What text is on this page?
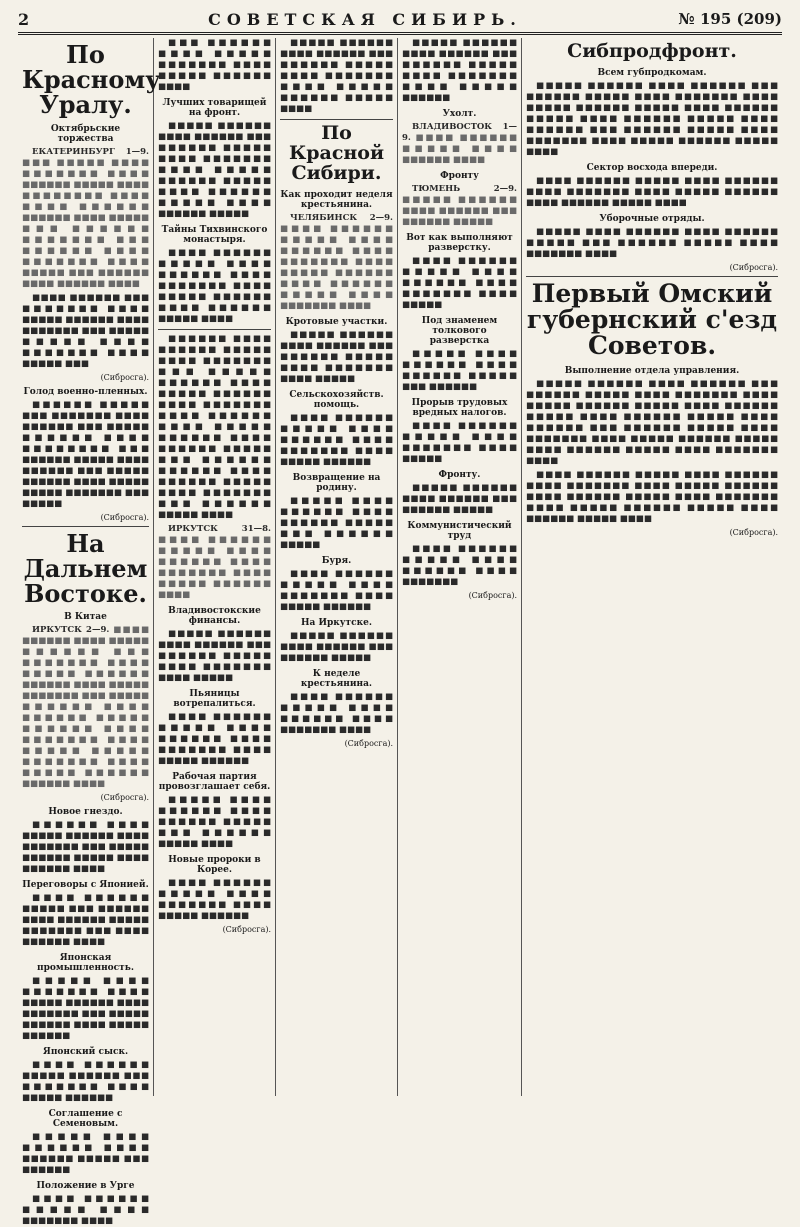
2	СОВЕТСКАЯ СИБИРЬ.	№ 195 (209)
По Красному Уралу.
Октябрьские торжества

ЕКАТЕРИНБУРГ 1—9. ■■■ ■■■■■ ■■■■ ■■■■■■■ ■■■■ ■■■■■■ ■■■■■ ■■■■ ■■■■■■■■ ■■■■ ■■■■ ■■■■■■ ■■■■■■ ■■■■ ■■■■■ ■■■ ■■■■■■ ■■■■■■■ ■■■ ■■■■■■ ■■■■ ■■■■■■■ ■■■■ ■■■■■ ■■■ ■■■■■■ ■■■■ ■■■■■■ ■■■■

■■■■ ■■■■■■ ■■■ ■■■■■■■ ■■■■ ■■■■■ ■■■■■■ ■■■■ ■■■■■■■ ■■■ ■■■■■ ■■■■■ ■■■■ ■■■■■■■ ■■■■ ■■■■■ ■■■

(Сибросга).

Голод военно-пленных.

■■■■■■ ■■■■■ ■■■ ■■■■■■■ ■■■■ ■■■■■■ ■■■ ■■■■■ ■■■■■■ ■■■■ ■■■■■■■■ ■■■ ■■■■■■ ■■■■■ ■■■■ ■■■■■■ ■■■ ■■■■■ ■■■■■■ ■■■■ ■■■■■ ■■■■■ ■■■■■■■ ■■■ ■■■■■

(Сибросга).

На Дальнем Востоке.
В Китае

ИРКУТСК 2—9. ■■■■ ■■■■■■ ■■■■ ■■■■■ ■■■■■■ ■■■ ■■■■■■■ ■■■■ ■■■■■ ■■■■■■ ■■■■■■ ■■■■ ■■■■■ ■■■■■■■ ■■■ ■■■■■ ■■■■■■ ■■■■ ■■■■■■ ■■■■■ ■■■■■■ ■■■■ ■■■■■■■ ■■■■ ■■■■■ ■■■■■ ■■■■■■■ ■■■■ ■■■■■ ■■■■■■ ■■■■■■ ■■■■

(Сибросга).

Новое гнездо.

■■■■■■ ■■■■ ■■■■■ ■■■■■■ ■■■■ ■■■■■■■ ■■■ ■■■■■ ■■■■■■ ■■■■■ ■■■■ ■■■■■■ ■■■■

Переговоры с Японией.

■■■■ ■■■■■■ ■■■■■ ■■■ ■■■■■■ ■■■■ ■■■■■■ ■■■■■ ■■■■■■■ ■■■ ■■■■ ■■■■■■ ■■■■

Японская промышленность.

■■■■■ ■■■■ ■■■■■■■ ■■■■ ■■■■■ ■■■■■■ ■■■■ ■■■■■■■ ■■■ ■■■■■ ■■■■■■ ■■■■ ■■■■■ ■■■■■■

Японский сыск.

■■■■ ■■■■■■ ■■■■■ ■■■■■■ ■■■ ■■■■■■■ ■■■■ ■■■■■ ■■■■■■

Соглашение с Семеновым.

■■■■■ ■■■■ ■■■■■■ ■■■■ ■■■■■■ ■■■■■ ■■■ ■■■■■■

Положение в Урге

■■■■ ■■■■■■ ■■■■■ ■■■■ ■■■■■■■ ■■■■

■■■ ■■■■■■ ■■■■ ■■■■■ ■■■■■■■ ■■■■ ■■■■■ ■■■■■■ ■■■■

Лучших товарищей на фронт.

■■■■■ ■■■■■■ ■■■■ ■■■■■■ ■■■ ■■■■■■ ■■■■■ ■■■■ ■■■■■■■ ■■■■ ■■■■■ ■■■■■■ ■■■■■ ■■■■ ■■■■■■ ■■■■■ ■■■■ ■■■■■■ ■■■■■

Тайны Тихвинского монастыря.

■■■■ ■■■■■■ ■■■■■ ■■■■ ■■■■■■ ■■■■ ■■■■■■■ ■■■■ ■■■■■ ■■■■■■ ■■■■ ■■■■■■ ■■■■■ ■■■■

■■■■■■ ■■■■ ■■■■■■ ■■■■■ ■■■■ ■■■■■■■ ■■■ ■■■■■ ■■■■■■ ■■■■ ■■■■■ ■■■■■■ ■■■■ ■■■■■■■ ■■■■ ■■■■■■ ■■■■ ■■■■■ ■■■■■■ ■■■■ ■■■■■■ ■■■■■ ■■■ ■■■■■■ ■■■■■■ ■■■■ ■■■■■■ ■■■■■ ■■■■ ■■■■■■■ ■■■ ■■■■■■ ■■■■■ ■■■■

ИРКУТСК 31—8. ■■■■ ■■■■■■ ■■■■■ ■■■■ ■■■■■■ ■■■■ ■■■■■■■ ■■■■ ■■■■■ ■■■■■■ ■■■■

Владивостокские финансы.

■■■■■ ■■■■■■ ■■■■ ■■■■■■ ■■■ ■■■■■■ ■■■■■ ■■■■ ■■■■■■■ ■■■■ ■■■■■

Пьяницы вотрепалиться.

■■■■ ■■■■■■ ■■■■■ ■■■■ ■■■■■■ ■■■■ ■■■■■■■ ■■■■ ■■■■■ ■■■■■■

Рабочая партия провозглашает себя.

■■■■■ ■■■■ ■■■■■■ ■■■■ ■■■■■■ ■■■■■ ■■■ ■■■■■■ ■■■■■ ■■■■

Новые пророки в Корее.

■■■■ ■■■■■■ ■■■■■ ■■■■ ■■■■■■■ ■■■■ ■■■■■ ■■■■■■

(Сибросга).

■■■■■ ■■■■■■ ■■■■ ■■■■■■ ■■■ ■■■■■■ ■■■■■ ■■■■ ■■■■■■■ ■■■■ ■■■■■ ■■■■■■ ■■■■■ ■■■■

По Красной Сибири.
Как проходит неделя крестьянина.

ЧЕЛЯБИНСК 2—9. ■■■■ ■■■■■■ ■■■■■ ■■■■ ■■■■■■ ■■■■ ■■■■■■■ ■■■■ ■■■■■ ■■■■■■ ■■■■ ■■■■■■ ■■■■■ ■■■■ ■■■■■■■ ■■■■

Кротовые участки.

■■■■■ ■■■■■■ ■■■■ ■■■■■■ ■■■ ■■■■■■ ■■■■■ ■■■■ ■■■■■■■ ■■■■ ■■■■■

Сельскохозяйств. помощь.

■■■■ ■■■■■■ ■■■■■ ■■■■ ■■■■■■ ■■■■ ■■■■■■■ ■■■■ ■■■■■ ■■■■■■

Возвращение на родину.

■■■■■ ■■■■ ■■■■■■ ■■■■ ■■■■■■ ■■■■■ ■■■ ■■■■■■ ■■■■■

Буря.

■■■■ ■■■■■■ ■■■■■ ■■■■ ■■■■■■■ ■■■■ ■■■■■ ■■■■■■

На Иркутске.

■■■■■ ■■■■■■ ■■■■ ■■■■■■ ■■■ ■■■■■■ ■■■■■

К неделе крестьянина.

■■■■ ■■■■■■ ■■■■■ ■■■■ ■■■■■■ ■■■■ ■■■■■■■ ■■■■

(Сибросга).

■■■■■ ■■■■■■ ■■■■ ■■■■■■ ■■■ ■■■■■■ ■■■■■ ■■■■ ■■■■■■■ ■■■■ ■■■■■ ■■■■■■

Ухолт.

ВЛАДИВОСТОК 1—9. ■■■■ ■■■■■■ ■■■■■ ■■■■ ■■■■■■ ■■■■

Фронту

ТЮМЕНЬ 2—9. ■■■■■ ■■■■■■ ■■■■ ■■■■■■ ■■■ ■■■■■■ ■■■■■

Вот как выполняют разверстку.

■■■■ ■■■■■■ ■■■■■ ■■■■ ■■■■■■ ■■■■ ■■■■■■■ ■■■■ ■■■■■

Под знаменем толкового разверстка

■■■■■ ■■■■ ■■■■■■ ■■■■ ■■■■■■ ■■■■■ ■■■ ■■■■■■

Прорыв трудовых вредных налогов.

■■■■ ■■■■■■ ■■■■■ ■■■■ ■■■■■■■ ■■■■ ■■■■■

Фронту.

■■■■■ ■■■■■■ ■■■■ ■■■■■■ ■■■ ■■■■■■ ■■■■■

Коммунистический труд

■■■■ ■■■■■■ ■■■■■ ■■■■ ■■■■■■ ■■■■ ■■■■■■■

(Сибросга).

Сибпродфронт.
Всем губпродкомам.

■■■■■ ■■■■■■ ■■■■ ■■■■■■ ■■■ ■■■■■■ ■■■■■ ■■■■ ■■■■■■■ ■■■■ ■■■■■ ■■■■■■ ■■■■■ ■■■■ ■■■■■■ ■■■■■ ■■■■ ■■■■■■ ■■■■■ ■■■■ ■■■■■■ ■■■ ■■■■■■ ■■■■■ ■■■■ ■■■■■■■ ■■■■ ■■■■■ ■■■■■■ ■■■■■ ■■■■

Сектор восхода впереди.

■■■■ ■■■■■■ ■■■■■ ■■■■ ■■■■■■ ■■■■ ■■■■■■■ ■■■■ ■■■■■ ■■■■■■ ■■■■ ■■■■■■ ■■■■■ ■■■■

Уборочные отряды.

■■■■■ ■■■■ ■■■■■■ ■■■■ ■■■■■■ ■■■■■ ■■■ ■■■■■■ ■■■■■ ■■■■ ■■■■■■■ ■■■■

(Сибросга).

Первый Омский губернский с'езд Советов.
Выполнение отдела управления.

■■■■■ ■■■■■■ ■■■■ ■■■■■■ ■■■ ■■■■■■ ■■■■■ ■■■■ ■■■■■■■ ■■■■ ■■■■■ ■■■■■■ ■■■■■ ■■■■ ■■■■■■ ■■■■■ ■■■■ ■■■■■■ ■■■■■ ■■■■ ■■■■■■ ■■■ ■■■■■■ ■■■■■ ■■■■ ■■■■■■■ ■■■■ ■■■■■ ■■■■■■ ■■■■■ ■■■■ ■■■■■■ ■■■■■ ■■■■ ■■■■■■■ ■■■■

■■■■ ■■■■■■ ■■■■■ ■■■■ ■■■■■■ ■■■■ ■■■■■■■ ■■■■ ■■■■■ ■■■■■■ ■■■■ ■■■■■■ ■■■■■ ■■■■ ■■■■■■■ ■■■■ ■■■■■ ■■■■■■ ■■■■■ ■■■■ ■■■■■■ ■■■■■ ■■■■

(Сибросга).
